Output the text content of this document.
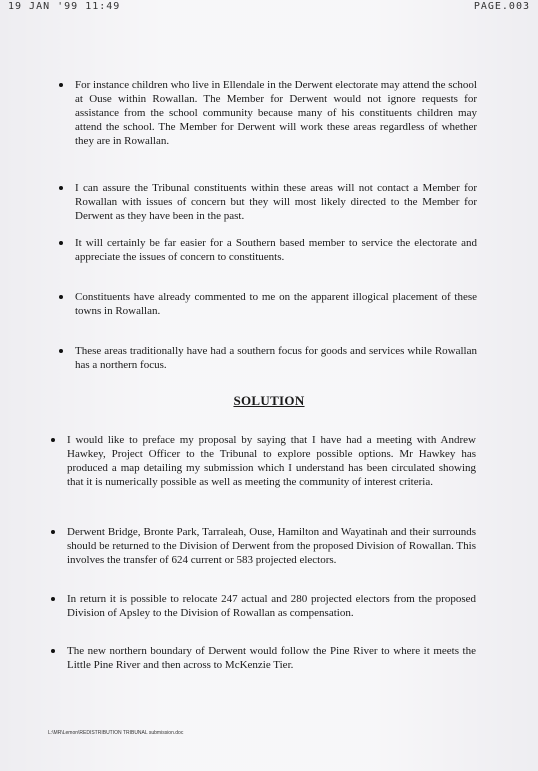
19 JAN '99 11:49	PAGE.003
For instance children who live in Ellendale in the Derwent electorate may attend the school at Ouse within Rowallan. The Member for Derwent would not ignore requests for assistance from the school community because many of his constituents children may attend the school. The Member for Derwent will work these areas regardless of whether they are in Rowallan.
I can assure the Tribunal constituents within these areas will not contact a Member for Rowallan with issues of concern but they will most likely directed to the Member for Derwent as they have been in the past.
It will certainly be far easier for a Southern based member to service the electorate and appreciate the issues of concern to constituents.
Constituents have already commented to me on the apparent illogical placement of these towns in Rowallan.
These areas traditionally have had a southern focus for goods and services while Rowallan has a northern focus.
SOLUTION
I would like to preface my proposal by saying that I have had a meeting with Andrew Hawkey, Project Officer to the Tribunal to explore possible options. Mr Hawkey has produced a map detailing my submission which I understand has been circulated showing that it is numerically possible as well as meeting the community of interest criteria.
Derwent Bridge, Bronte Park, Tarraleah, Ouse, Hamilton and Wayatinah and their surrounds should be returned to the Division of Derwent from the proposed Division of Rowallan. This involves the transfer of 624 current or 583 projected electors.
In return it is possible to relocate 247 actual and 280 projected electors from the proposed Division of Apsley to the Division of Rowallan as compensation.
The new northern boundary of Derwent would follow the Pine River to where it meets the Little Pine River and then across to McKenzie Tier.
L:\MR\Lemon\REDISTRIBUTION TRIBUNAL submission.doc
